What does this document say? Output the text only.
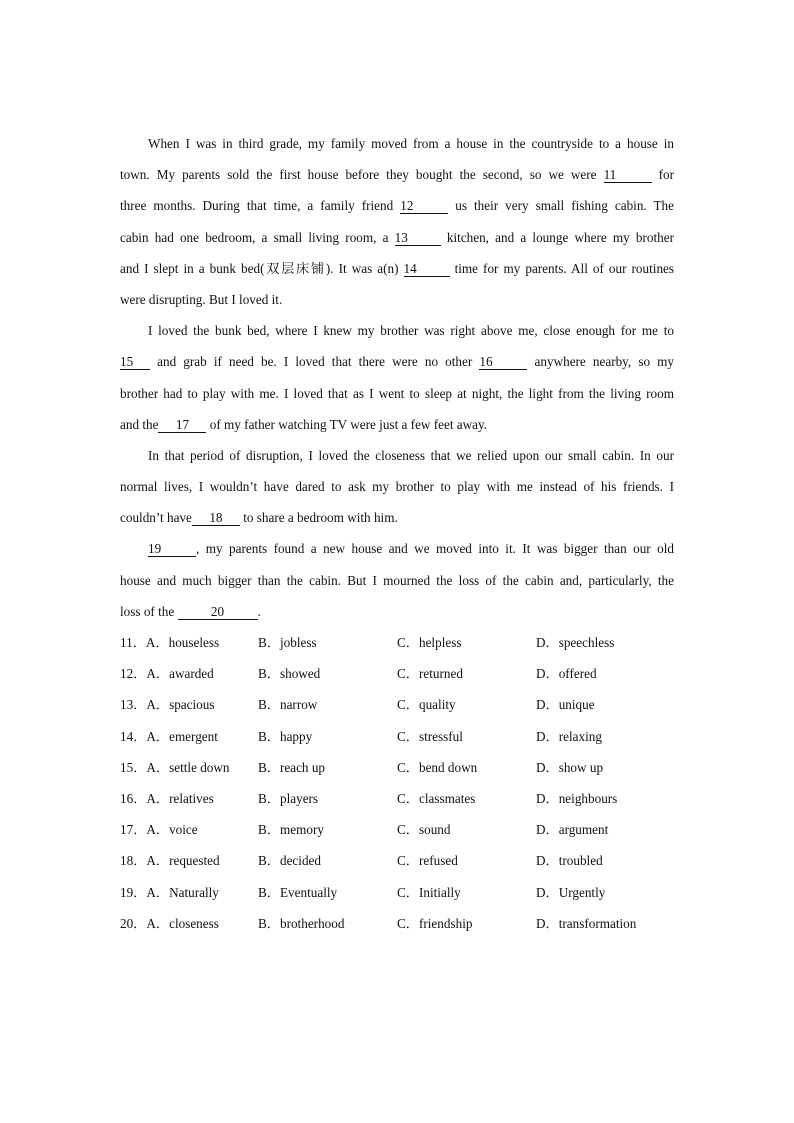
When I was in third grade, my family moved from a house in the countryside to a house in
town. My parents sold the first house before they bought the second, so we were 11	for
three months. During that time, a family friend 12	us their very small fishing cabin. The
cabin had one bedroom, a small living room, a 13	kitchen, and a lounge where my brother
and I slept in a bunk bed(双层床铺). It was a(n) 14	time for my parents. All of our routines
were disrupting. But I loved it.
I loved the bunk bed, where I knew my brother was right above me, close enough for me to
15 and grab if need be. I loved that there were no other 16	anywhere nearby, so my
brother had to play with me. I loved that as I went to sleep at night, the light from the living room
and the 17 of my father watching TV were just a few feet away.
In that period of disruption, I loved the closeness that we relied upon our small cabin. In our
normal lives, I wouldn’t have dared to ask my brother to play with me instead of his friends. I
couldn’t have 18 to share a bedroom with him.
19	, my parents found a new house and we moved into it. It was bigger than our old
house and much bigger than the cabin. But I mourned the loss of the cabin and, particularly, the
loss of the	20	.
11．A．houseless	B．jobless	C．helpless	D．speechless
12．A．awarded	B．showed	C．returned	D．offered
13．A．spacious	B．narrow	C．quality	D．unique
14．A．emergent	B．happy	C．stressful	D．relaxing
15．A．settle down	B．reach up	C．bend down	D．show up
16．A．relatives	B．players	C．classmates	D．neighbours
17．A．voice	B．memory	C．sound	D．argument
18．A．requested	B．decided	C．refused	D．troubled
19．A．Naturally	B．Eventually	C．Initially	D．Urgently
20．A．closeness	B．brotherhood	C．friendship	D．transformation
